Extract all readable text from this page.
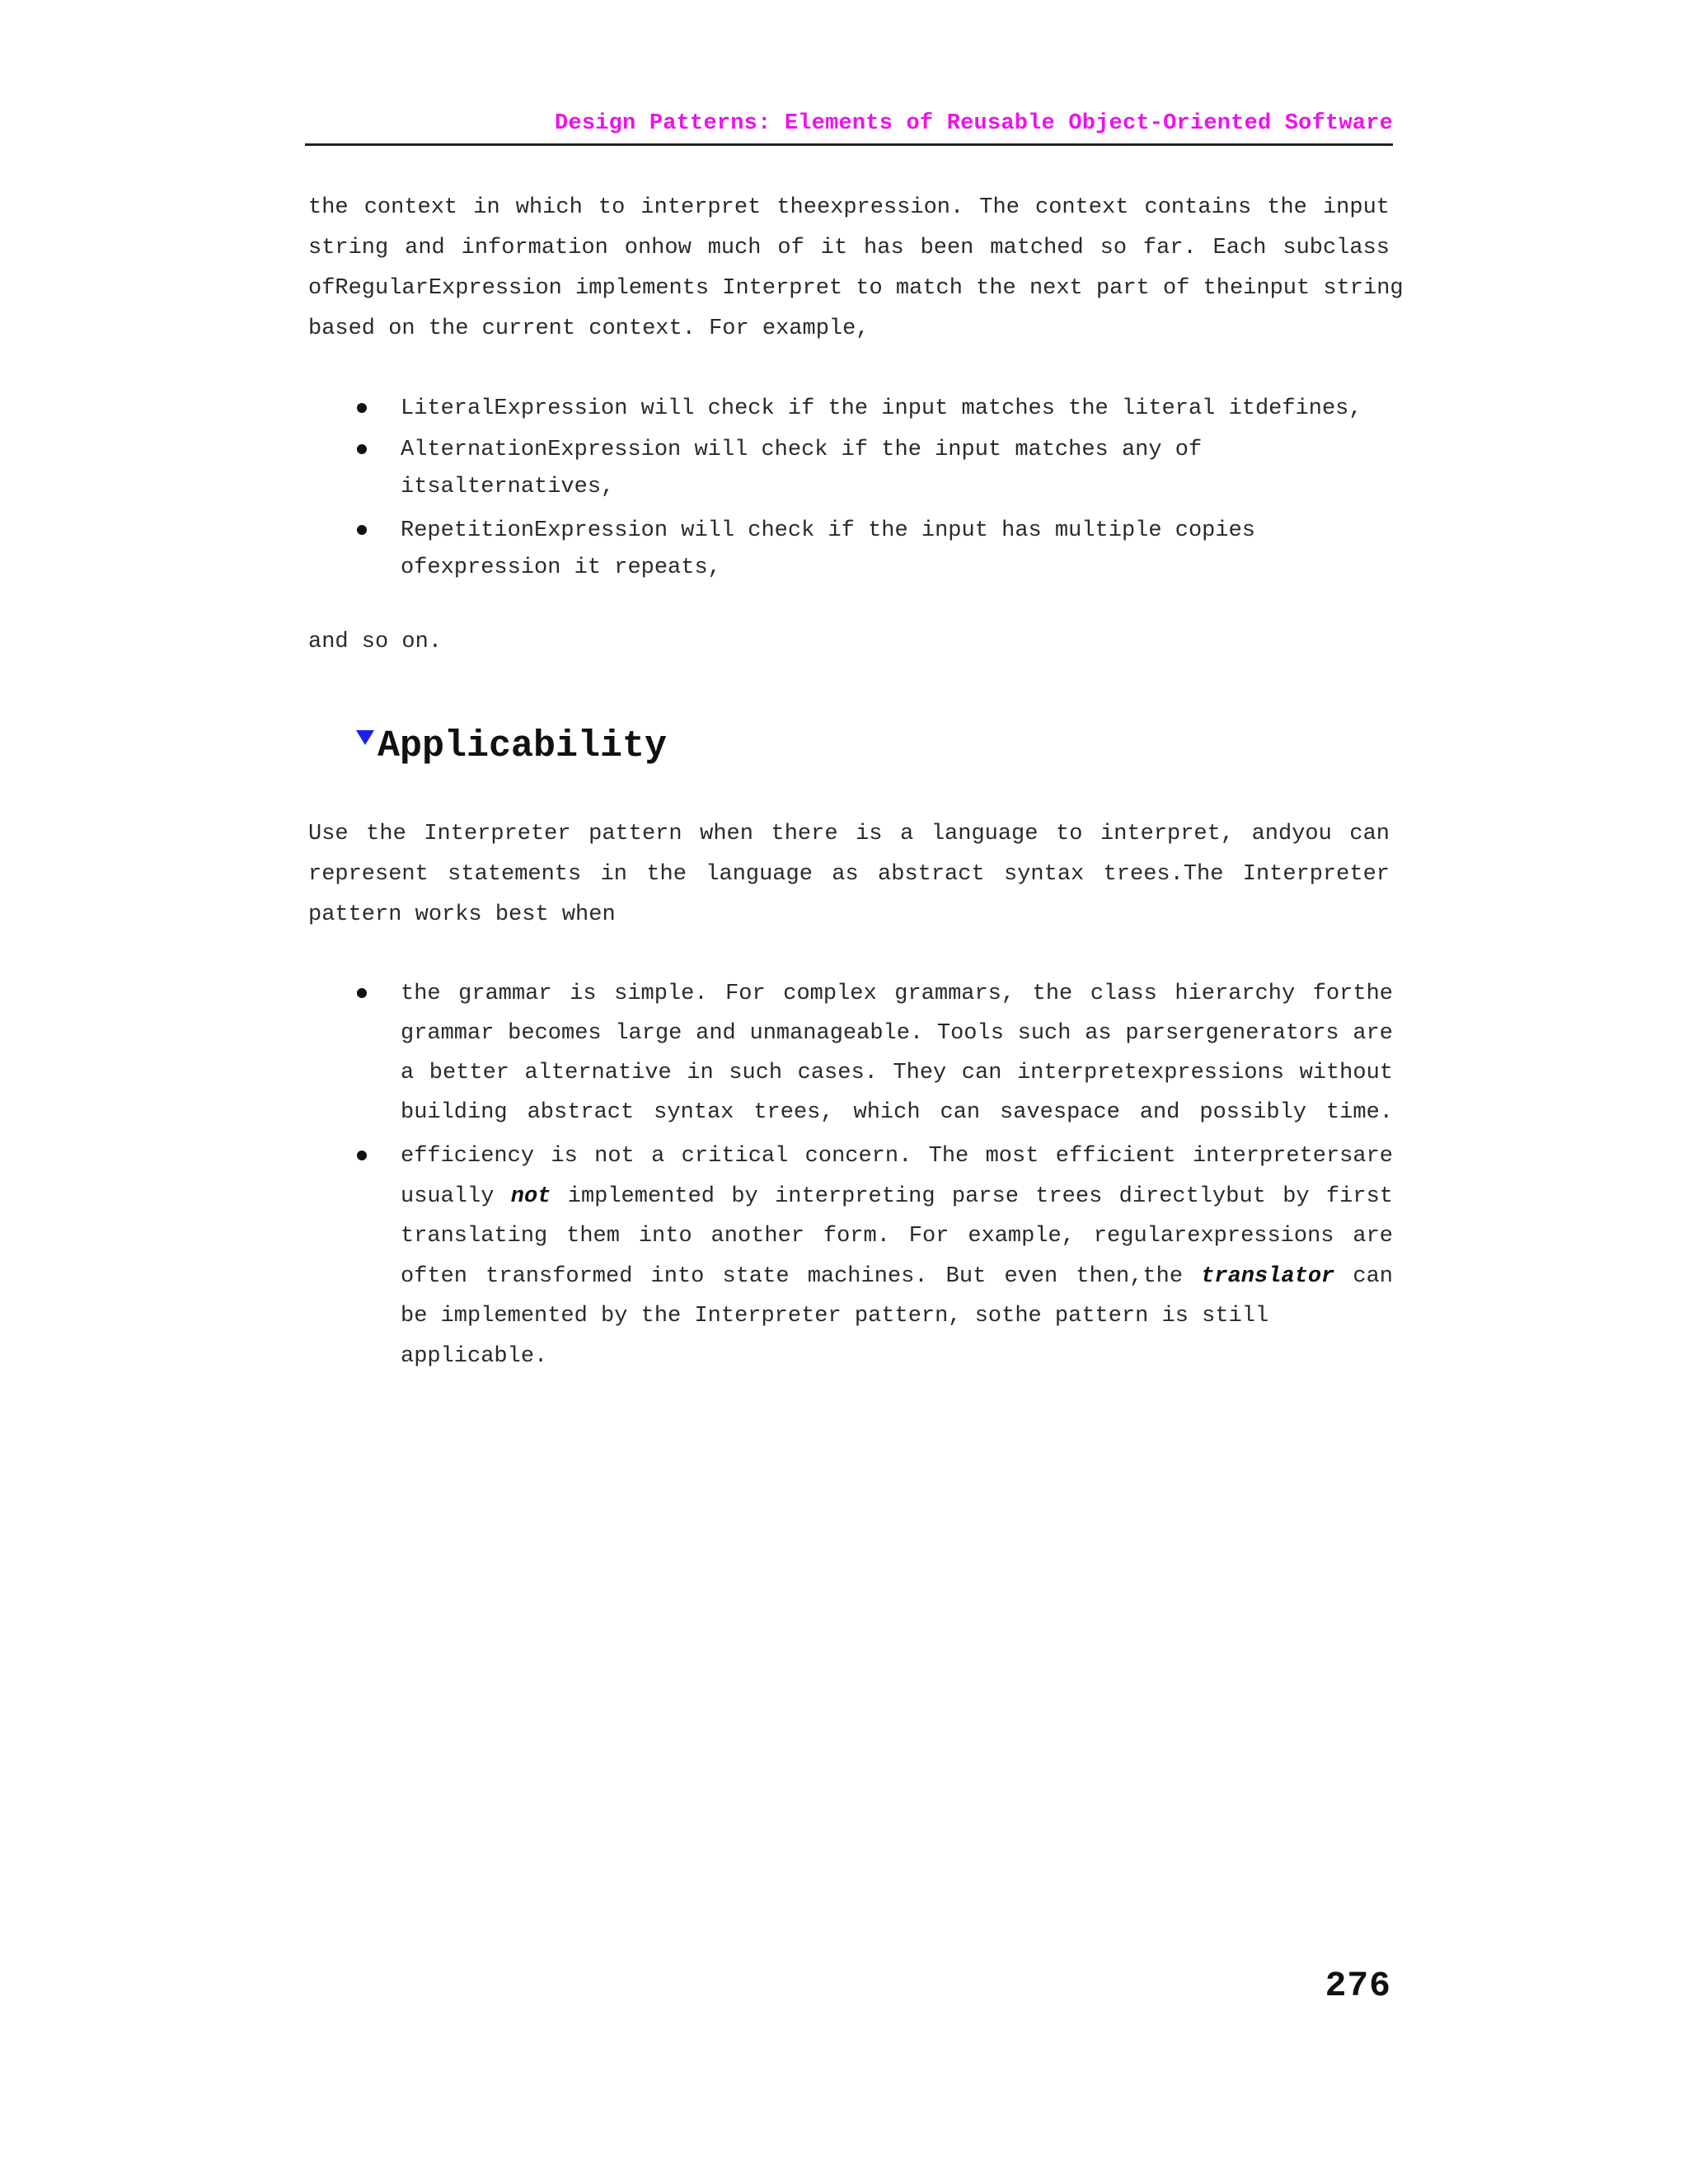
Design Patterns: Elements of Reusable Object-Oriented Software
the context in which to interpret theexpression. The context contains the input
string and information onhow much of it has been matched so far. Each subclass
ofRegularExpression implements Interpret to match the next part of theinput string
based on the current context. For example,
LiteralExpression will check if the input matches the literal itdefines,
AlternationExpression will check if the input matches any of
itsalternatives,
RepetitionExpression will check if the input has multiple copies
ofexpression it repeats,
and so on.
Applicability
Use the Interpreter pattern when there is a language to interpret, andyou can
represent statements in the language as abstract syntax trees.The Interpreter
pattern works best when
the grammar is simple. For complex grammars, the class hierarchy forthe
grammar becomes large and unmanageable. Tools such as parsergenerators are
a better alternative in such cases. They can interpretexpressions without
building abstract syntax trees, which can savespace and possibly time.
efficiency is not a critical concern. The most efficient interpretersare
usually not implemented by interpreting parse trees directlybut by first
translating them into another form. For example, regularexpressions are
often transformed into state machines. But even then,the translator can
be implemented by the Interpreter pattern, sothe pattern is still
applicable.
276
